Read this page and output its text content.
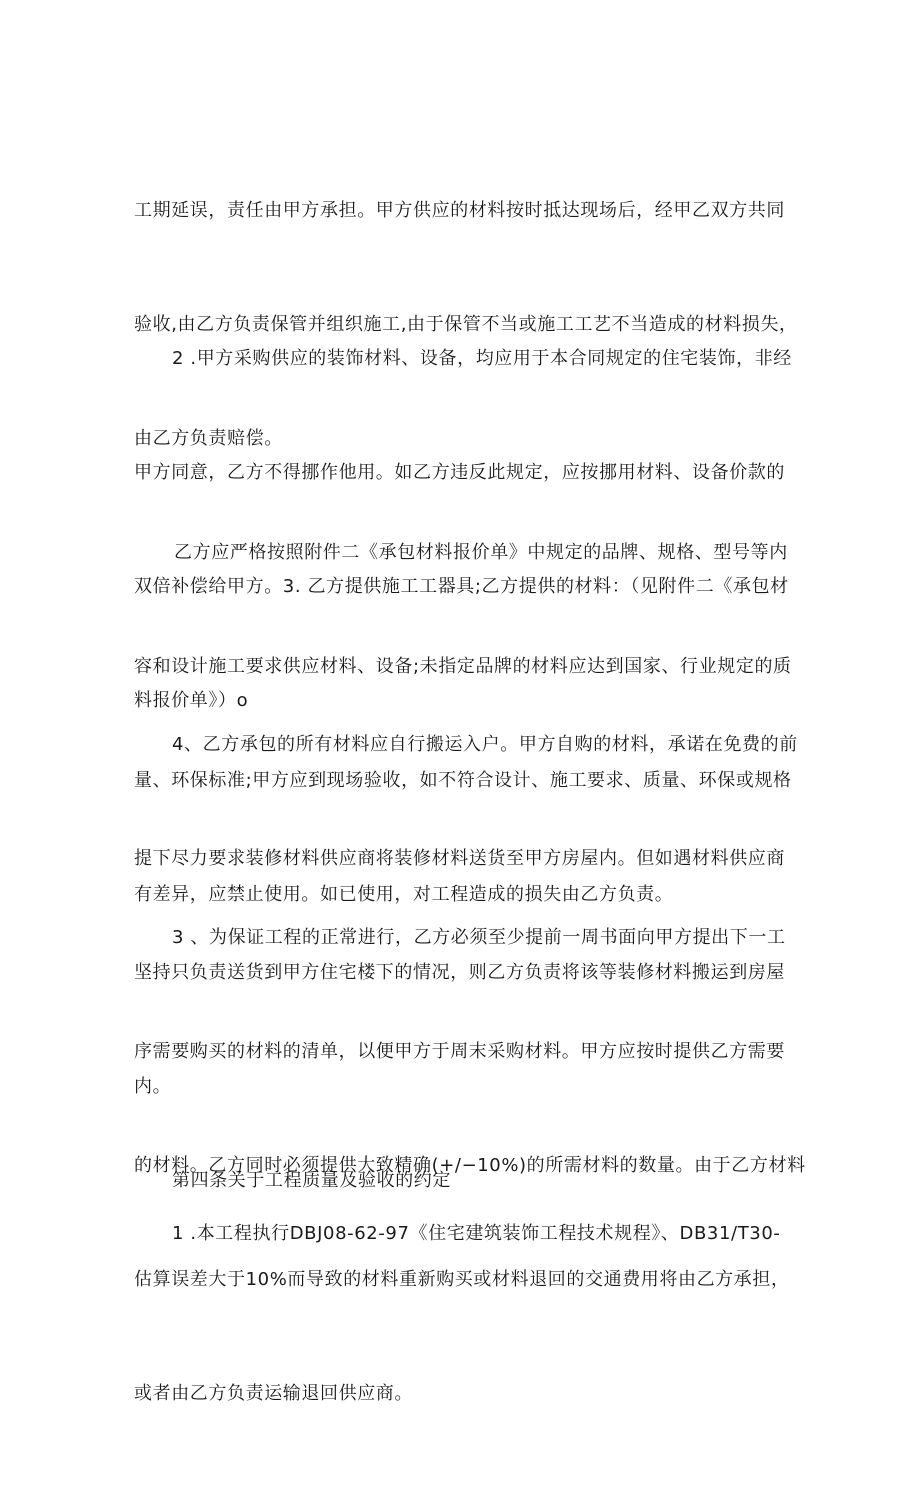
工期延误，责任由甲方承担。甲方供应的材料按时抵达现场后，经甲乙双方共同

验收,由乙方负责保管并组织施工,由于保管不当或施工工艺不当造成的材料损失，

由乙方负责赔偿。

2 .甲方采购供应的装饰材料、设备，均应用于本合同规定的住宅装饰，非经

甲方同意，乙方不得挪作他用。如乙方违反此规定，应按挪用材料、设备价款的

双倍补偿给甲方。3. 乙方提供施工工器具;乙方提供的材料：（见附件二《承包材

料报价单》）o

乙方应严格按照附件二《承包材料报价单》中规定的品牌、规格、型号等内

容和设计施工要求供应材料、设备;未指定品牌的材料应达到国家、行业规定的质

量、环保标准;甲方应到现场验收，如不符合设计、施工要求、质量、环保或规格

有差异，应禁止使用。如已使用，对工程造成的损失由乙方负责。

4、乙方承包的所有材料应自行搬运入户。甲方自购的材料，承诺在免费的前

提下尽力要求装修材料供应商将装修材料送货至甲方房屋内。但如遇材料供应商

坚持只负责送货到甲方住宅楼下的情况，则乙方负责将该等装修材料搬运到房屋

内。

3 、为保证工程的正常进行，乙方必须至少提前一周书面向甲方提出下一工

序需要购买的材料的清单，以便甲方于周末采购材料。甲方应按时提供乙方需要

的材料。乙方同时必须提供大致精确(+/−10%)的所需材料的数量。由于乙方材料

估算误差大于10%而导致的材料重新购买或材料退回的交通费用将由乙方承担，

或者由乙方负责运输退回供应商。

第四条关于工程质量及验收的约定

1 .本工程执行DBJ08-62-97《住宅建筑装饰工程技术规程》、DB31/T30-
